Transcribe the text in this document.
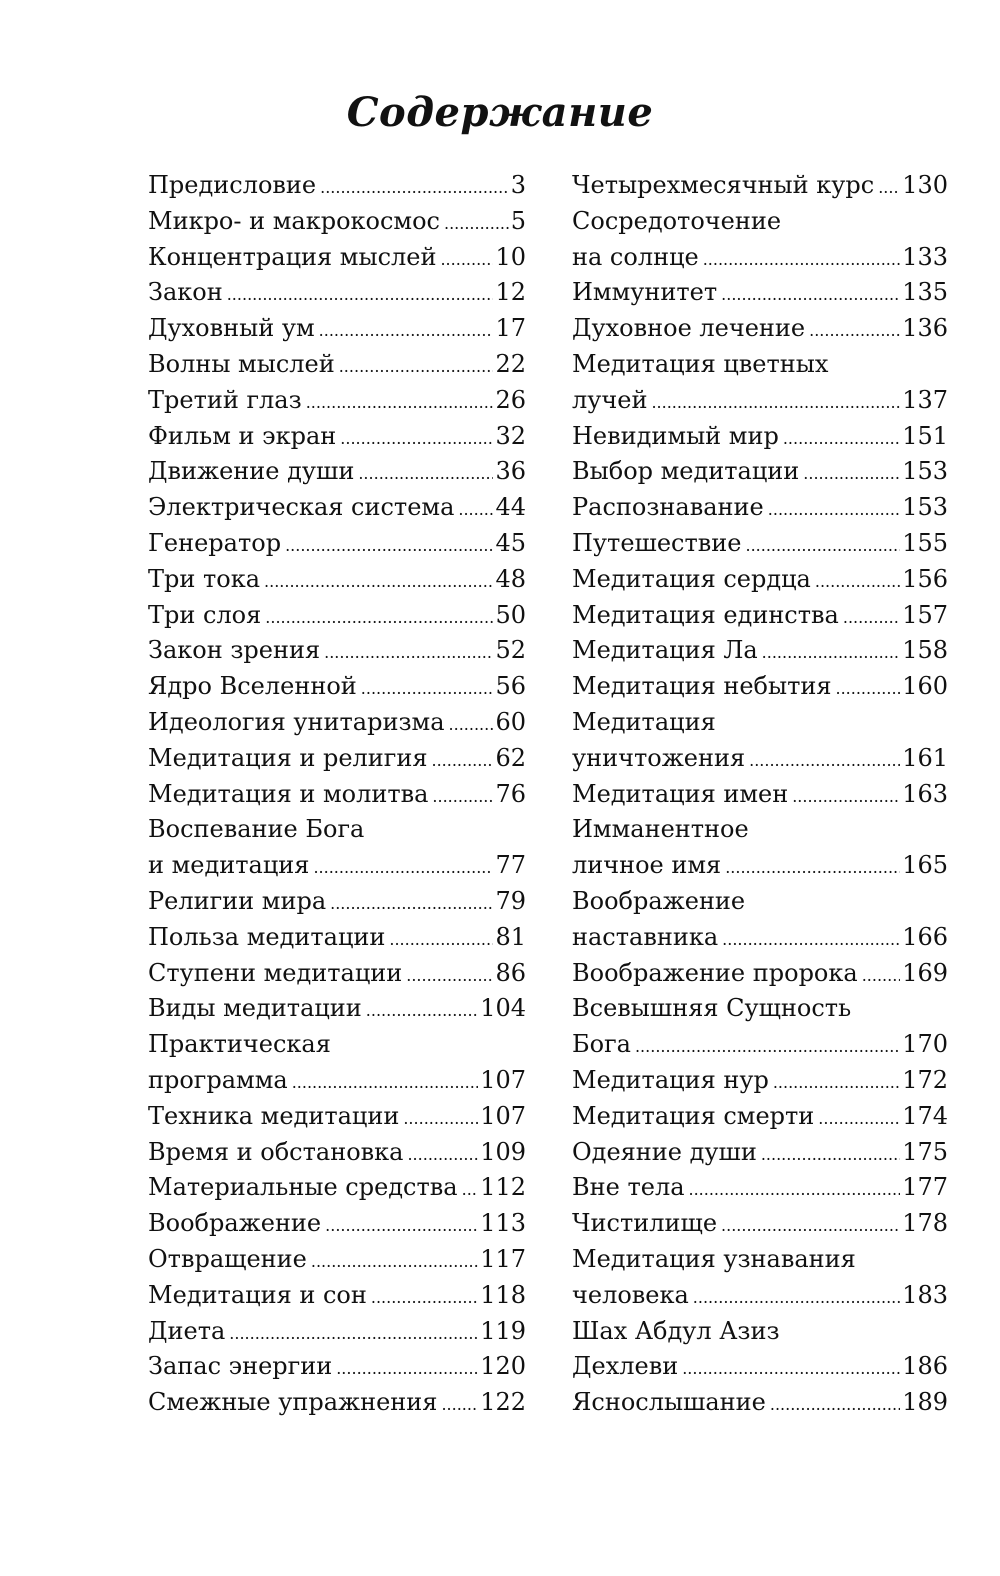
Содержание
Предисловие .....	3
Микро- и макрокосмос .....	5
Концентрация мыслей ..... 10
Закон .....	12
Духовный ум .....	17
Волны мыслей .....	22
Третий глаз .....	26
Фильм и экран .....	32
Движение души .....	36
Электрическая система ..... 44
Генератор .....	45
Три тока .....	48
Три слоя .....	50
Закон зрения .....	52
Ядро Вселенной .....	56
Идеология унитаризма ..... 60
Медитация и религия .....	62
Медитация и молитва .....	76
Воспевание Бога
и медитация .....	77
Религии мира .....	79
Польза медитации .....	81
Ступени медитации .....	86
Виды медитации .....	104
Практическая
программа .....	107
Техника медитации .....	107
Время и обстановка .....	109
Материальные средства ..... 112
Воображение .....	113
Отвращение .....	117
Медитация и сон .....	118
Диета .....	119
Запас энергии .....	120
Смежные упражнения ..... 122
Четырехмесячный курс ..... 130
Сосредоточение
на солнце .....	133
Иммунитет .....	135
Духовное лечение .....	136
Медитация цветных
лучей .....	137
Невидимый мир .....	151
Выбор медитации .....	153
Распознавание .....	153
Путешествие .....	155
Медитация сердца .....	156
Медитация единства .....	157
Медитация Ла .....	158
Медитация небытия .....	160
Медитация
уничтожения .....	161
Медитация имен .....	163
Имманентное
личное имя .....	165
Воображение
наставника .....	166
Воображение пророка ..... 169
Всевышняя Сущность
Бога .....	170
Медитация нур .....	172
Медитация смерти .....	174
Одеяние души .....	175
Вне тела .....	177
Чистилище .....	178
Медитация узнавания
человека .....	183
Шах Абдул Азиз
Дехлеви .....	186
Яснослышание .....	189
